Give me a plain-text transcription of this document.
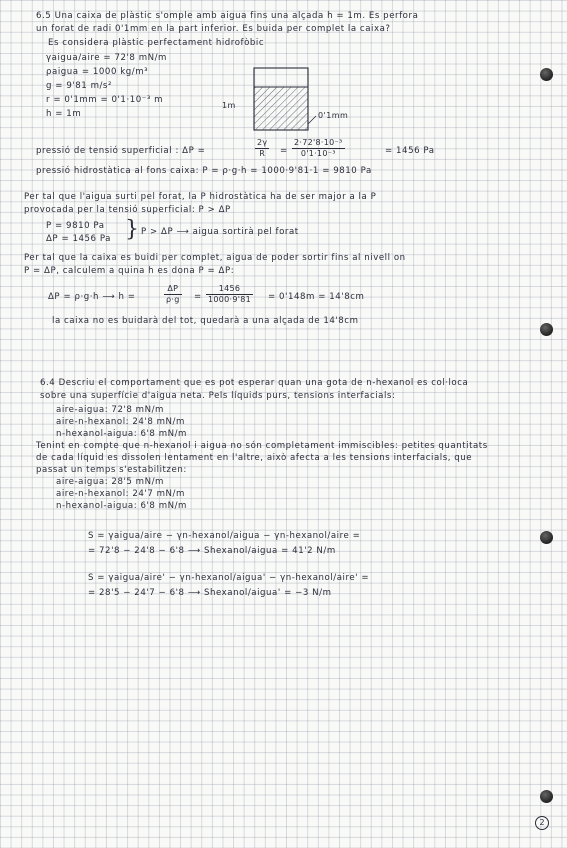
6.5 Una caixa de plàstic s'omple amb aigua fins una alçada h = 1m. Es perfora
un forat de radi 0'1mm en la part inferior. Es buida per complet la caixa?
Es considera plàstic perfectament hidrofòbic
γaigua/aire = 72'8 mN/m
ρaigua = 1000 kg/m³
g = 9'81 m/s²
r = 0'1mm = 0'1·10⁻³ m
h = 1m
1m
0'1mm
pressió de tensió superficial : ΔP =	$\frac{2\gamma}{R} = \frac{\text{2·72'8·10⁻³}}{\text{0'1·10⁻³}}$	= 1456 Pa
pressió hidrostàtica al fons caixa: P = ρ·g·h = 1000·9'81·1 = 9810 Pa
Per tal que l'aigua surti pel forat, la P hidrostàtica ha de ser major a la P
provocada per la tensió superficial: P > ΔP
P = 9810 Pa
ΔP = 1456 Pa } P > ΔP ⟶ aigua sortirà pel forat
Per tal que la caixa es buidi per complet, aigua de poder sortir fins al nivell on
P = ΔP, calculem a quina h es dona P = ΔP:
ΔP = ρ·g·h ⟶ h =	$\frac{\Delta P}{\rho\cdot g} = \frac{1456}{1000\cdot 9'81} = 0'148m = 14'8cm$
la caixa no es buidarà del tot, quedarà a una alçada de 14'8cm
6.4 Descriu el comportament que es pot esperar quan una gota de n-hexanol es col·loca
sobre una superfície d'aigua neta. Pels líquids purs, tensions interfacials:
aire-aigua: 72'8 mN/m
aire-n-hexanol: 24'8 mN/m
n-hexanol-aigua: 6'8 mN/m
Tenint en compte que n-hexanol i aigua no són completament immiscibles: petites quantitats
de cada líquid es dissolen lentament en l'altre, això afecta a les tensions interfacials, que
passat un temps s'estabilitzen:
aire-aigua: 28'5 mN/m
aire-n-hexanol: 24'7 mN/m
n-hexanol-aigua: 6'8 mN/m
S = γaigua/aire − γn-hexanol/aigua − γn-hexanol/aire =
= 72'8 − 24'8 − 6'8 ⟶ Shexanol/aigua = 41'2 N/m
S = γaigua/aire' − γn-hexanol/aigua' − γn-hexanol/aire' =
= 28'5 − 24'7 − 6'8 ⟶ Shexanol/aigua' = −3 N/m
2
